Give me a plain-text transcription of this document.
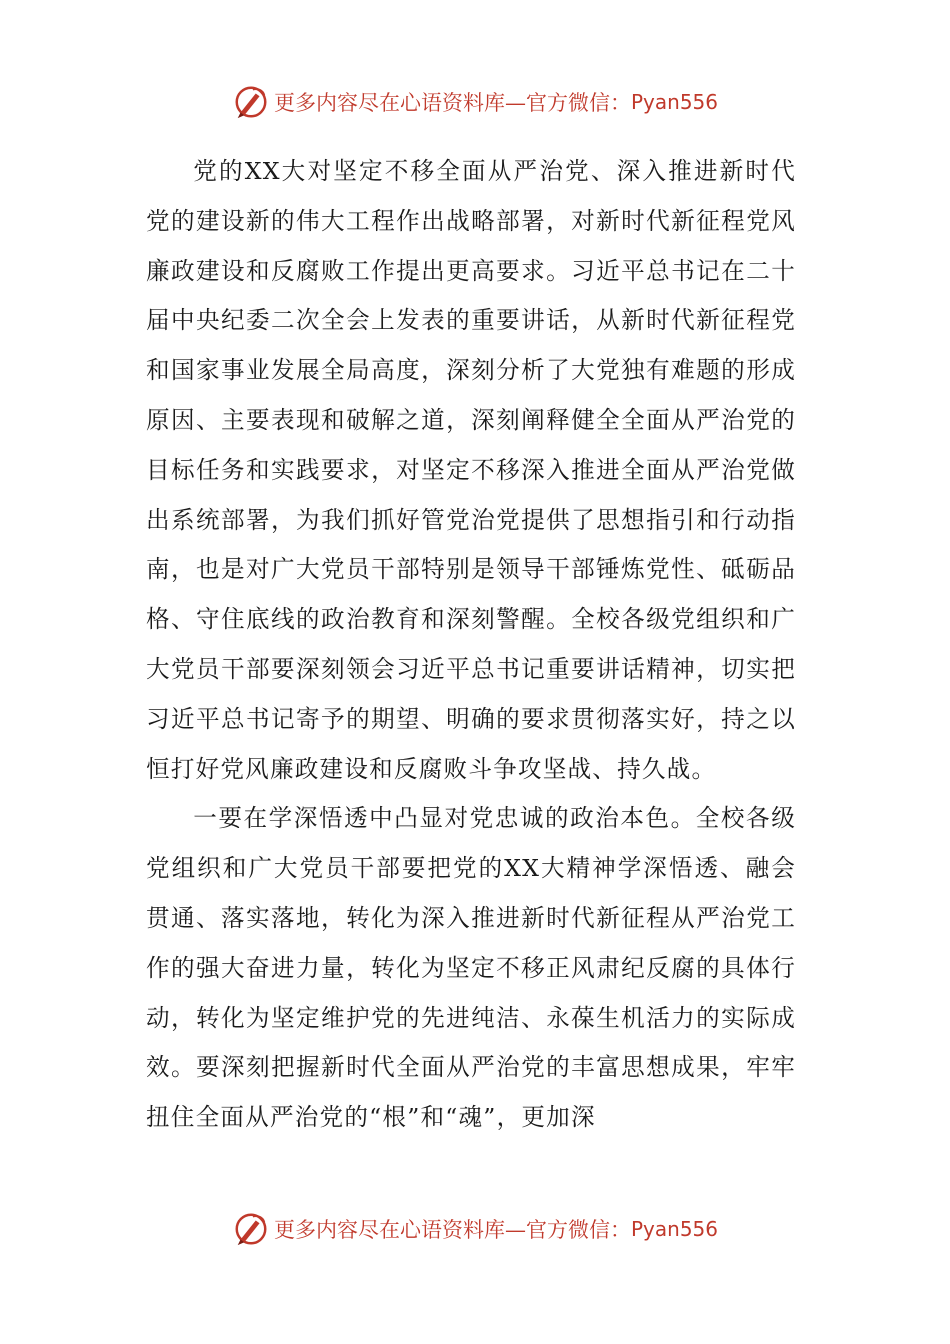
更多内容尽在心语资料库—官方微信： Pyan556

党的XX大对坚定不移全面从严治党、深入推进新时代党的建设新的伟大工程作出战略部署，对新时代新征程党风廉政建设和反腐败工作提出更高要求。习近平总书记在二十届中央纪委二次全会上发表的重要讲话，从新时代新征程党和国家事业发展全局高度，深刻分析了大党独有难题的形成原因、主要表现和破解之道，深刻阐释健全全面从严治党的目标任务和实践要求，对坚定不移深入推进全面从严治党做出系统部署，为我们抓好管党治党提供了思想指引和行动指南，也是对广大党员干部特别是领导干部锤炼党性、砥砺品格、守住底线的政治教育和深刻警醒。全校各级党组织和广大党员干部要深刻领会习近平总书记重要讲话精神，切实把习近平总书记寄予的期望、明确的要求贯彻落实好，持之以恒打好党风廉政建设和反腐败斗争攻坚战、持久战。

一要在学深悟透中凸显对党忠诚的政治本色。全校各级党组织和广大党员干部要把党的XX大精神学深悟透、融会贯通、落实落地，转化为深入推进新时代新征程从严治党工作的强大奋进力量，转化为坚定不移正风肃纪反腐的具体行动，转化为坚定维护党的先进纯洁、永葆生机活力的实际成效。要深刻把握新时代全面从严治党的丰富思想成果，牢牢扭住全面从严治党的“根”和“魂”，更加深

更多内容尽在心语资料库—官方微信： Pyan556
